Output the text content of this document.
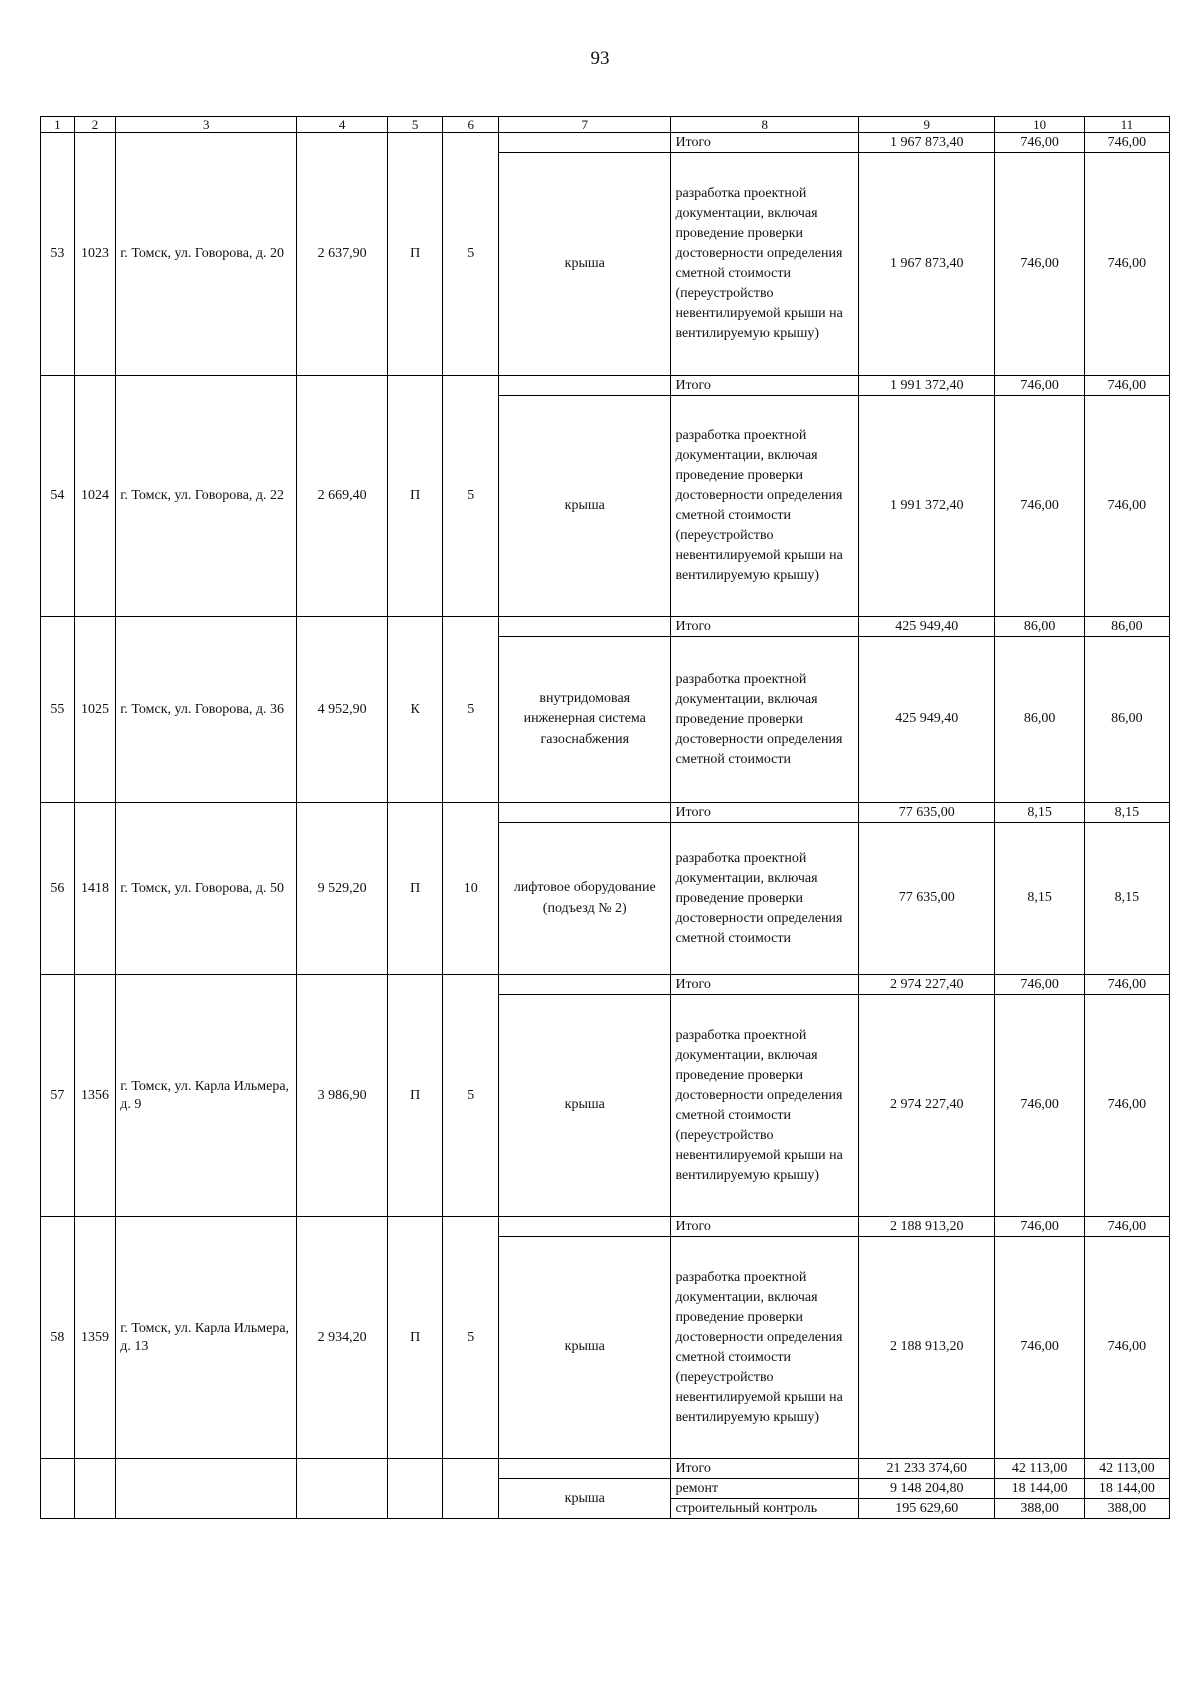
93
1	2	3	4	5	6	7	8	9	10	11
53	1023	г. Томск, ул. Говорова, д. 20	2 637,90	П	5		Итого	1 967 873,40	746,00	746,00
						крыша	разработка проектной документации, включая проведение проверки достоверности определения сметной стоимости (переустройство невентилируемой крыши на вентилируемую крышу)	1 967 873,40	746,00	746,00
54	1024	г. Томск, ул. Говорова, д. 22	2 669,40	П	5		Итого	1 991 372,40	746,00	746,00
						крыша	разработка проектной документации, включая проведение проверки достоверности определения сметной стоимости (переустройство невентилируемой крыши на вентилируемую крышу)	1 991 372,40	746,00	746,00
55	1025	г. Томск, ул. Говорова, д. 36	4 952,90	К	5		Итого	425 949,40	86,00	86,00
						внутридомовая инженерная система газоснабжения	разработка проектной документации, включая проведение проверки достоверности определения сметной стоимости	425 949,40	86,00	86,00
56	1418	г. Томск, ул. Говорова, д. 50	9 529,20	П	10		Итого	77 635,00	8,15	8,15
						лифтовое оборудование (подъезд № 2)	разработка проектной документации, включая проведение проверки достоверности определения сметной стоимости	77 635,00	8,15	8,15
57	1356	г. Томск, ул. Карла Ильмера, д. 9	3 986,90	П	5		Итого	2 974 227,40	746,00	746,00
						крыша	разработка проектной документации, включая проведение проверки достоверности определения сметной стоимости (переустройство невентилируемой крыши на вентилируемую крышу)	2 974 227,40	746,00	746,00
58	1359	г. Томск, ул. Карла Ильмера, д. 13	2 934,20	П	5		Итого	2 188 913,20	746,00	746,00
						крыша	разработка проектной документации, включая проведение проверки достоверности определения сметной стоимости (переустройство невентилируемой крыши на вентилируемую крышу)	2 188 913,20	746,00	746,00
							Итого	21 233 374,60	42 113,00	42 113,00
						крыша	ремонт	9 148 204,80	18 144,00	18 144,00
							строительный контроль	195 629,60	388,00	388,00
